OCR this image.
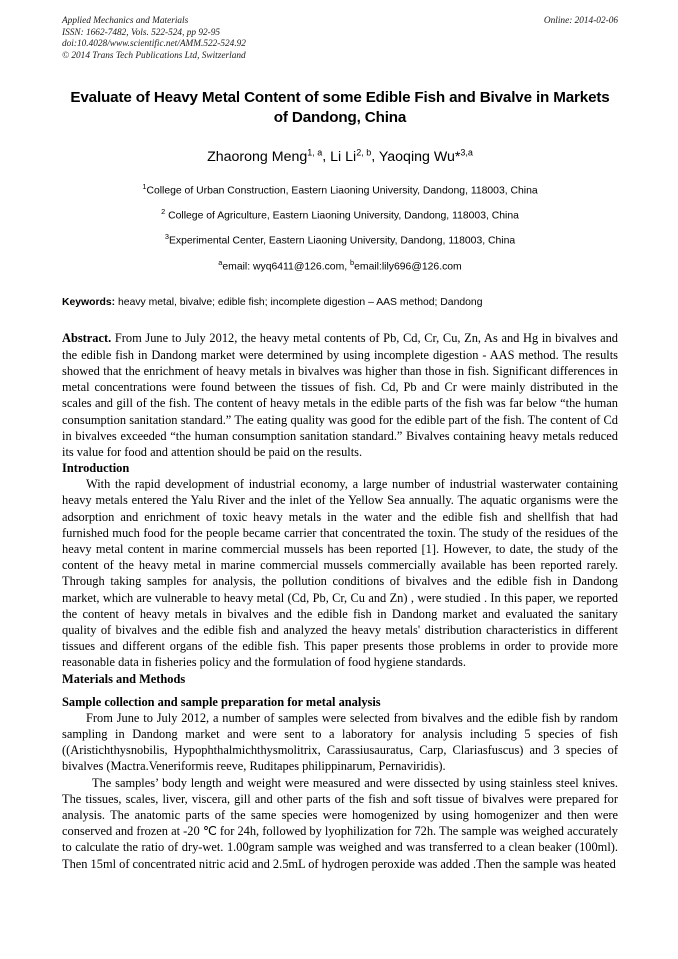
Applied Mechanics and Materials
ISSN: 1662-7482, Vols. 522-524, pp 92-95
doi:10.4028/www.scientific.net/AMM.522-524.92
© 2014 Trans Tech Publications Ltd, Switzerland
Online: 2014-02-06
Evaluate of Heavy Metal Content of some Edible Fish and Bivalve in Markets of Dandong, China
Zhaorong Meng$^{1, a}$, Li Li$^{2, b}$, Yaoqing Wu*$^{3,a}$
$^1$College of Urban Construction, Eastern Liaoning University, Dandong, 118003, China
$^2$ College of Agriculture, Eastern Liaoning University, Dandong, 118003, China
$^3$Experimental Center, Eastern Liaoning University, Dandong, 118003, China
$^a$email: wyq6411@126.com, $^b$email:lily696@126.com
Keywords: heavy metal, bivalve; edible fish; incomplete digestion – AAS method; Dandong
Abstract. From June to July 2012, the heavy metal contents of Pb, Cd, Cr, Cu, Zn, As and Hg in bivalves and the edible fish in Dandong market were determined by using incomplete digestion - AAS method. The results showed that the enrichment of heavy metals in bivalves was higher than those in fish. Significant differences in metal concentrations were found between the tissues of fish. Cd, Pb and Cr were mainly distributed in the scales and gill of the fish. The content of heavy metals in the edible parts of the fish was far below “the human consumption sanitation standard.” The eating quality was good for the edible part of the fish. The content of Cd in bivalves exceeded “the human consumption sanitation standard.” Bivalves containing heavy metals reduced its value for food and attention should be paid on the results.
Introduction

With the rapid development of industrial economy, a large number of industrial wasterwater containing heavy metals entered the Yalu River and the inlet of the Yellow Sea annually. The aquatic organisms were the adsorption and enrichment of toxic heavy metals in the water and the edible fish and shellfish that had furnished much food for the people became carrier that concentrated the toxin. The study of the residues of the heavy metal content in marine commercial mussels has been reported [1]. However, to date, the study of the content of the heavy metal in marine commercial mussels commercially available has been reported rarely. Through taking samples for analysis, the pollution conditions of bivalves and the edible fish in Dandong market, which are vulnerable to heavy metal (Cd, Pb, Cr, Cu and Zn) , were studied . In this paper, we reported the content of heavy metals in bivalves and the edible fish in Dandong market and evaluated the sanitary quality of bivalves and the edible fish and analyzed the heavy metals' distribution characteristics in different tissues and different organs of the edible fish. This paper presents those problems in order to provide more reasonable data in fisheries policy and the formulation of food hygiene standards.

Materials and Methods
Sample collection and sample preparation for metal analysis

From June to July 2012, a number of samples were selected from bivalves and the edible fish by random sampling in Dandong market and were sent to a laboratory for analysis including 5 species of fish ((Aristichthysnobilis, Hypophthalmichthysmolitrix, Carassiusauratus, Carp, Clariasfuscus) and 3 species of bivalves (Mactra.Veneriformis reeve, Ruditapes philippinarum, Pernaviridis).

The samples’ body length and weight were measured and were dissected by using stainless steel knives. The tissues, scales, liver, viscera, gill and other parts of the fish and soft tissue of bivalves were prepared for analysis. The anatomic parts of the same species were homogenized by using homogenizer and then were conserved and frozen at -20 ℃ for 24h, followed by lyophilization for 72h. The sample was weighed accurately to calculate the ratio of dry-wet. 1.00gram sample was weighed and was transferred to a clean beaker (100ml). Then 15ml of concentrated nitric acid and 2.5mL of hydrogen peroxide was added .Then the sample was heated
